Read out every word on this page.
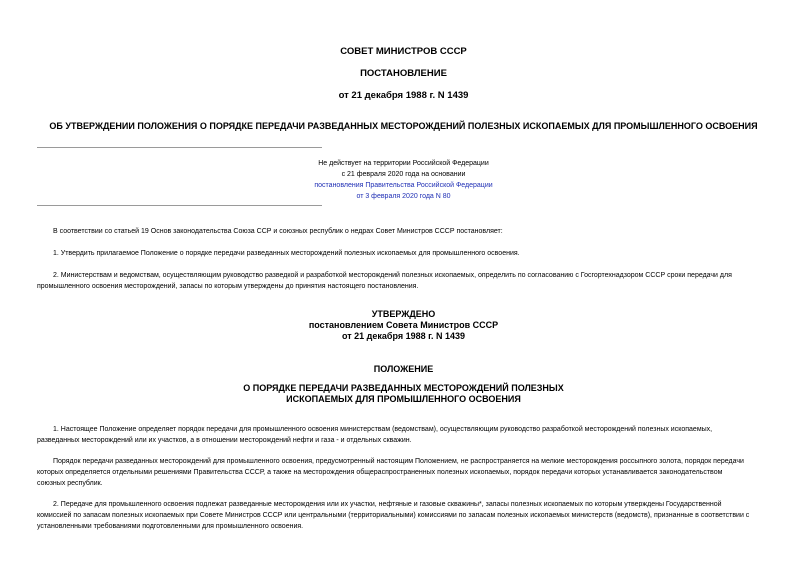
СОВЕТ МИНИСТРОВ СССР
ПОСТАНОВЛЕНИЕ
от 21 декабря 1988 г. N 1439
ОБ УТВЕРЖДЕНИИ ПОЛОЖЕНИЯ О ПОРЯДКЕ ПЕРЕДАЧИ РАЗВЕДАННЫХ МЕСТОРОЖДЕНИЙ ПОЛЕЗНЫХ ИСКОПАЕМЫХ ДЛЯ ПРОМЫШЛЕННОГО ОСВОЕНИЯ
Не действует на территории Российской Федерации
с 21 февраля 2020 года на основании
постановления Правительства Российской Федерации
от 3 февраля 2020 года N 80
В соответствии со статьей 19 Основ законодательства Союза ССР и союзных республик о недрах Совет Министров СССР постановляет:
1. Утвердить прилагаемое Положение о порядке передачи разведанных месторождений полезных ископаемых для промышленного освоения.
2. Министерствам и ведомствам, осуществляющим руководство разведкой и разработкой месторождений полезных ископаемых, определить по согласованию с Госгортехнадзором СССР сроки передачи для
промышленного освоения месторождений, запасы по которым утверждены до принятия настоящего постановления.
УТВЕРЖДЕНО
постановлением Совета Министров СССР
от 21 декабря 1988 г. N 1439
ПОЛОЖЕНИЕ
О ПОРЯДКЕ ПЕРЕДАЧИ РАЗВЕДАННЫХ МЕСТОРОЖДЕНИЙ ПОЛЕЗНЫХ
ИСКОПАЕМЫХ ДЛЯ ПРОМЫШЛЕННОГО ОСВОЕНИЯ
1. Настоящее Положение определяет порядок передачи для промышленного освоения министерствам (ведомствам), осуществляющим руководство разработкой месторождений полезных ископаемых,
разведанных месторождений или их участков, а в отношении месторождений нефти и газа - и отдельных скважин.
Порядок передачи разведанных месторождений для промышленного освоения, предусмотренный настоящим Положением, не распространяется на мелкие месторождения россыпного золота, порядок передачи
которых определяется отдельными решениями Правительства СССР, а также на месторождения общераспространенных полезных ископаемых, порядок передачи которых устанавливается законодательством
союзных республик.
2. Передаче для промышленного освоения подлежат разведанные месторождения или их участки, нефтяные и газовые скважины*, запасы полезных ископаемых по которым утверждены Государственной
комиссией по запасам полезных ископаемых при Совете Министров СССР или центральными (территориальными) комиссиями по запасам полезных ископаемых министерств (ведомств), признанные в соответствии с
установленными требованиями подготовленными для промышленного освоения.
